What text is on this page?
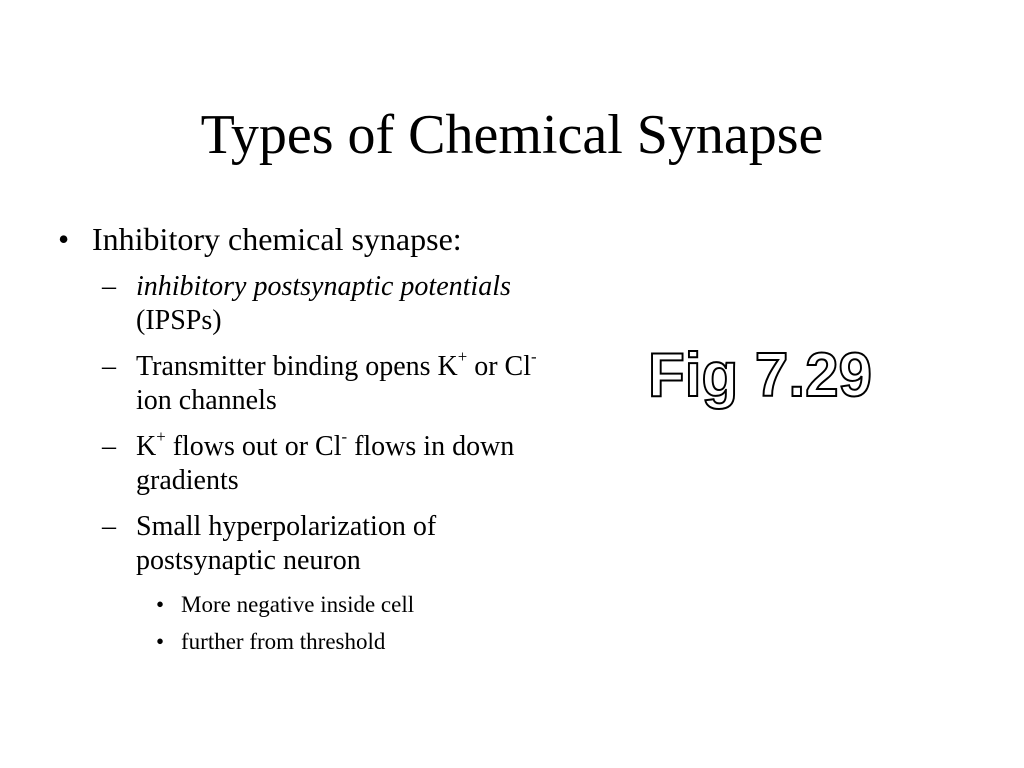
Types of Chemical Synapse
• Inhibitory chemical synapse:
– inhibitory postsynaptic potentials (IPSPs)
– Transmitter binding opens K+ or Cl- ion channels
– K+ flows out or Cl- flows in down gradients
– Small hyperpolarization of postsynaptic neuron
• More negative inside cell
• further from threshold
Fig 7.29
